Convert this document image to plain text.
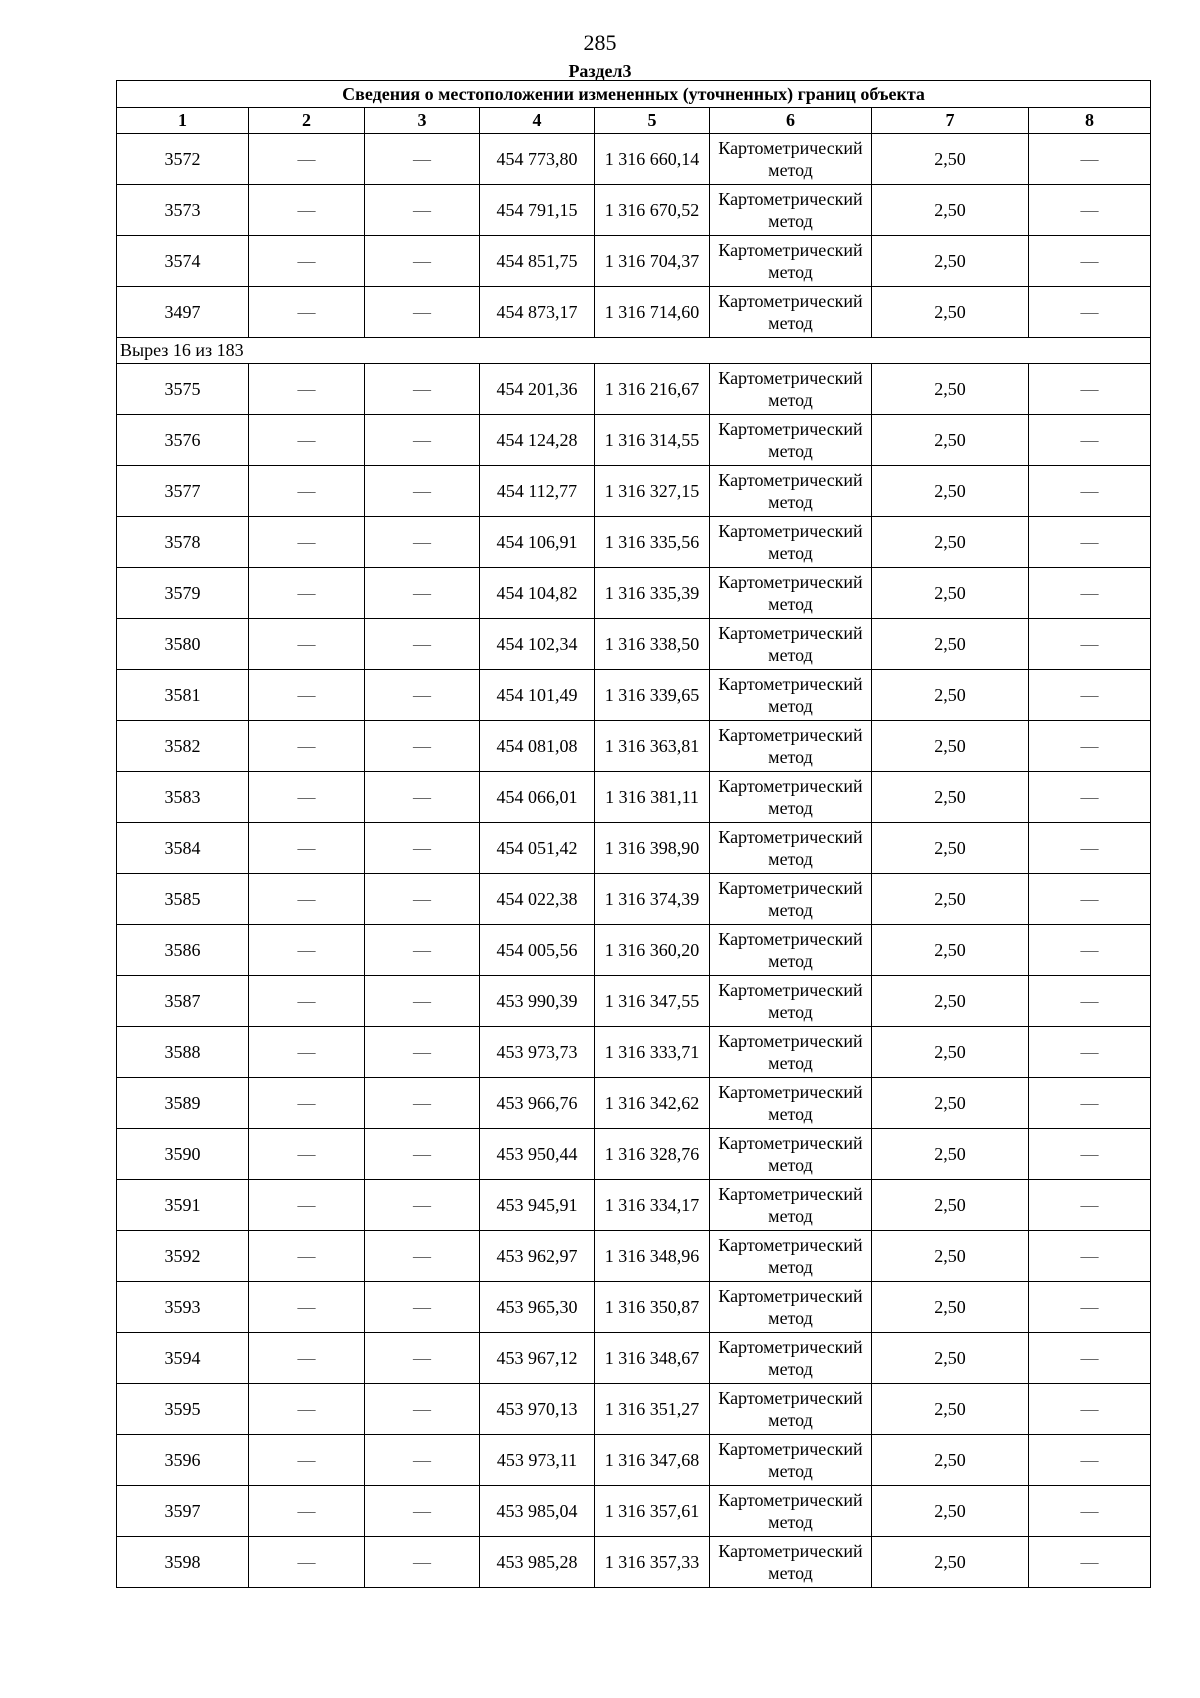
285
Раздел3
Сведения о местоположении измененных (уточненных) границ объекта							
1	2	3	4	5	6	7	8
3572	—	—	454 773,80	1 316 660,14	Картометрический метод	2,50	—
3573	—	—	454 791,15	1 316 670,52	Картометрический метод	2,50	—
3574	—	—	454 851,75	1 316 704,37	Картометрический метод	2,50	—
3497	—	—	454 873,17	1 316 714,60	Картометрический метод	2,50	—
Вырез 16 из 183							
3575	—	—	454 201,36	1 316 216,67	Картометрический метод	2,50	—
3576	—	—	454 124,28	1 316 314,55	Картометрический метод	2,50	—
3577	—	—	454 112,77	1 316 327,15	Картометрический метод	2,50	—
3578	—	—	454 106,91	1 316 335,56	Картометрический метод	2,50	—
3579	—	—	454 104,82	1 316 335,39	Картометрический метод	2,50	—
3580	—	—	454 102,34	1 316 338,50	Картометрический метод	2,50	—
3581	—	—	454 101,49	1 316 339,65	Картометрический метод	2,50	—
3582	—	—	454 081,08	1 316 363,81	Картометрический метод	2,50	—
3583	—	—	454 066,01	1 316 381,11	Картометрический метод	2,50	—
3584	—	—	454 051,42	1 316 398,90	Картометрический метод	2,50	—
3585	—	—	454 022,38	1 316 374,39	Картометрический метод	2,50	—
3586	—	—	454 005,56	1 316 360,20	Картометрический метод	2,50	—
3587	—	—	453 990,39	1 316 347,55	Картометрический метод	2,50	—
3588	—	—	453 973,73	1 316 333,71	Картометрический метод	2,50	—
3589	—	—	453 966,76	1 316 342,62	Картометрический метод	2,50	—
3590	—	—	453 950,44	1 316 328,76	Картометрический метод	2,50	—
3591	—	—	453 945,91	1 316 334,17	Картометрический метод	2,50	—
3592	—	—	453 962,97	1 316 348,96	Картометрический метод	2,50	—
3593	—	—	453 965,30	1 316 350,87	Картометрический метод	2,50	—
3594	—	—	453 967,12	1 316 348,67	Картометрический метод	2,50	—
3595	—	—	453 970,13	1 316 351,27	Картометрический метод	2,50	—
3596	—	—	453 973,11	1 316 347,68	Картометрический метод	2,50	—
3597	—	—	453 985,04	1 316 357,61	Картометрический метод	2,50	—
3598	—	—	453 985,28	1 316 357,33	Картометрический метод	2,50	—
